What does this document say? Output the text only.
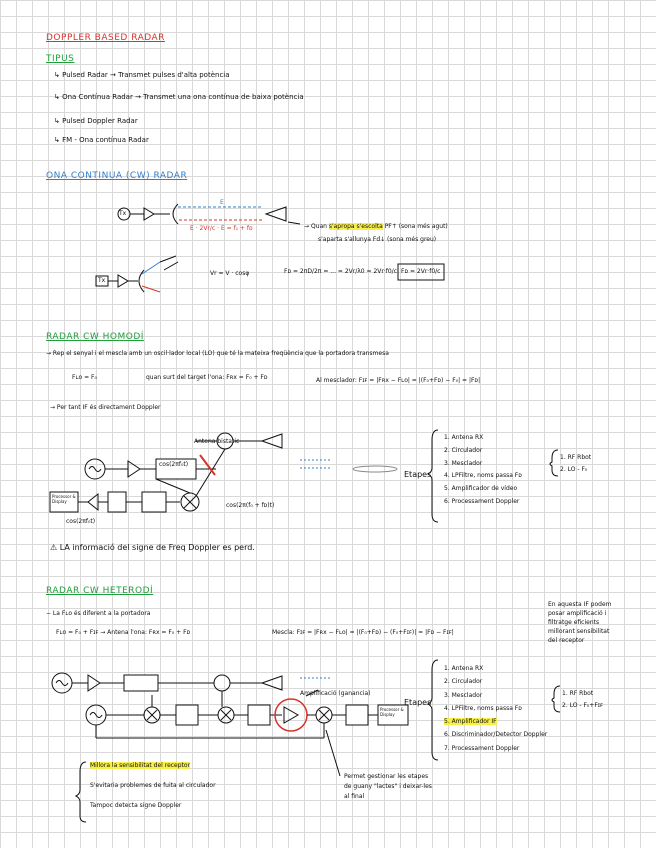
DOPPLER BASED RADAR
TIPUS
↳ Pulsed Radar → Transmet pulses d'alta potència
↳ Ona Contínua Radar → Transmet una ona contínua de baixa potència
↳ Pulsed Doppler Radar
↳ FM - Ona contínua Radar
ONA CONTINUA (CW) RADAR
Tx
E
E · 2Vr/c · E = f₁ + fᴅ	→ Quan s'apropa s'escolta PF↑ (sona més agut)
s'aparta s'allunya Fd↓ (sona més greu)
Tx
Vr = V · cosφ	Fᴅ = 2πD/2π = ... = 2Vr/λ0 = 2Vr·f0/c Fᴅ = 2Vr·f0/c
RADAR CW HOMODÍ
→ Rep el senyal i el mescla amb un oscil·lador local (LO) que té la mateixa freqüència que la portadora transmesa
Fʟᴏ = F₀	quan surt del target l'ona: Fʀx = F₀ + Fᴅ	Al mesclador: Fɪꜰ = |Fʀx − Fʟᴏ| = |(F₀+Fᴅ) − F₀| = |Fᴅ|
→ Per tant IF és directament Doppler
Antena bistatic
cos(2πf₀t)
cos(2π(f₀ + fᴅ)t)
cos(2πf₀t)
Processor & Display
Etapes
1. Antena RX
2. Circulador
3. Mesclador
4. LPFiltre, noms passa Fᴅ
5. Amplificador de vídeo
6. Processament Doppler
1. RF Rbot
2. LO - F₀
⚠ LA informació del signe de Freq Doppler es perd.
RADAR CW HETERODÍ
− La Fʟᴏ és diferent a la portadora
Fʟᴏ = F₀ + Fɪꜰ → Antena l'ona: Fʀx = F₀ + Fᴅ	Mescla: Fɪꜰ = |Fʀx − Fʟᴏ| = |(F₀+Fᴅ) − (F₀+Fɪꜰ)| = |Fᴅ − Fɪꜰ|
En aquesta IF podem
posar amplificació i
filtratge eficients
millorant sensibilitat
del receptor
Amplificació (ganancia)
Processor & Display
Etapes
1. Antena RX
2. Circulador
3. Mesclador
4. LPFiltre, noms passa Fᴅ
5. Amplificador IF
6. Discriminador/Detector Doppler
7. Processament Doppler
1. RF Rbot
2. LO - F₀+Fɪꜰ
Millora la sensibilitat del receptor
S'evitaria problemes de fuita al circulador
Tampoc detecta signe Doppler
Permet gestionar les etapes
de guany "lactes" i deixar-les
al final
